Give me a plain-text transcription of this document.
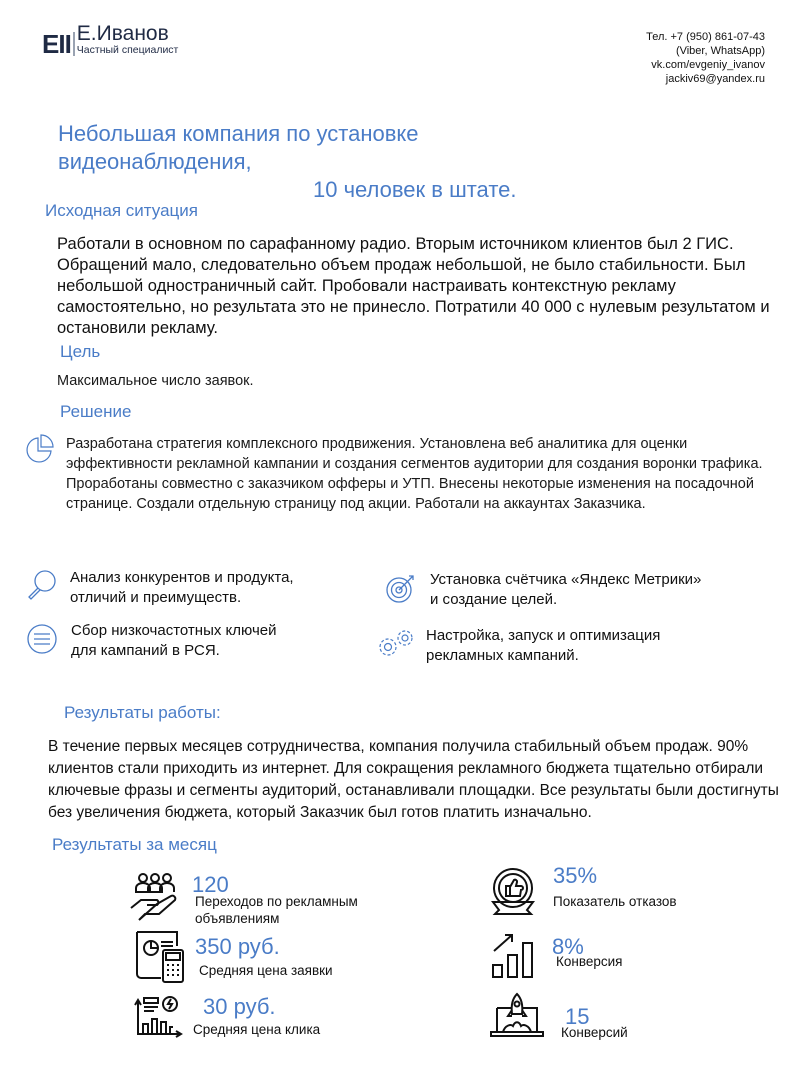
ЕII Е.Иванов
Частный специалист
Тел. +7 (950) 861-07-43
(Viber, WhatsApp)
vk.com/evgeniy_ivanov
jackiv69@yandex.ru
Небольшая компания по установке видеонаблюдения,
10 человек в штате.
Исходная ситуация
Работали в основном по сарафанному радио. Вторым источником клиентов был 2 ГИС. Обращений мало, следовательно объем продаж небольшой, не было стабильности. Был небольшой одностраничный сайт. Пробовали настраивать контекстную рекламу самостоятельно, но результата это не принесло. Потратили 40 000 с нулевым результатом и остановили рекламу.
Цель
Максимальное число заявок.
Решение
Разработана стратегия комплексного продвижения. Установлена веб аналитика для оценки эффективности рекламной кампании и создания сегментов аудитории для создания воронки трафика. Проработаны совместно с заказчиком офферы и УТП. Внесены некоторые изменения на посадочной странице. Создали отдельную страницу под акции. Работали на аккаунтах Заказчика.
Анализ конкурентов и продукта,
отличий и преимуществ.
Установка счётчика «Яндекс Метрики»
и создание целей.
Сбор низкочастотных ключей
для кампаний в РСЯ.
Настройка, запуск и оптимизация
рекламных кампаний.
Результаты работы:
В течение первых месяцев сотрудничества, компания получила стабильный объем продаж. 90% клиентов стали приходить из интернет. Для сокращения рекламного бюджета тщательно отбирали ключевые фразы и сегменты аудиторий, останавливали площадки. Все результаты были достигнуты без увеличения бюджета, который Заказчик был готов платить изначально.
Результаты за месяц
120
Переходов по рекламным
объявлениям
35%
Показатель отказов
350 руб.
Средняя цена заявки
8%
Конверсия
30 руб.
Средняя цена клика
15
Конверсий
